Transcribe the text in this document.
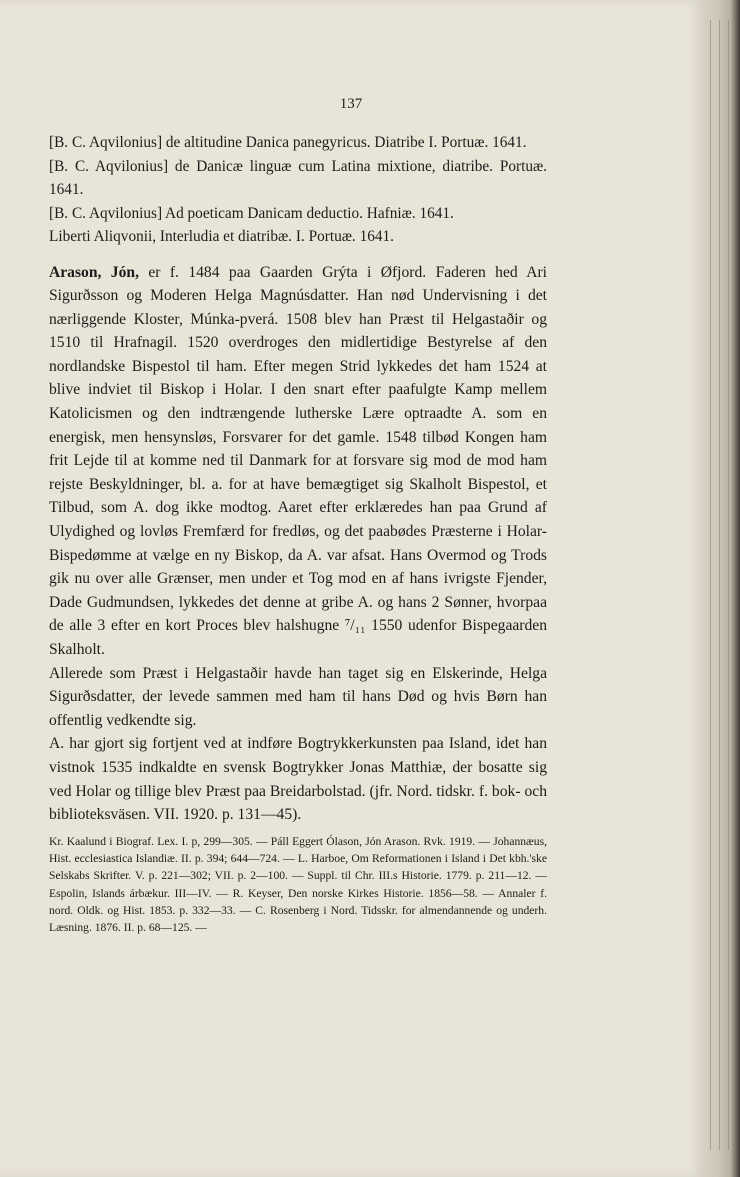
137

[B. C. Aqvilonius] de altitudine Danica panegyricus. Diatribe I. Portuæ. 1641.

[B. C. Aqvilonius] de Danicæ linguæ cum Latina mixtione, diatribe. Portuæ. 1641.

[B. C. Aqvilonius] Ad poeticam Danicam deductio. Hafniæ. 1641.

Liberti Aliqvonii, Interludia et diatribæ. I. Portuæ. 1641.

Arason, Jón, er f. 1484 paa Gaarden Grýta i Øfjord. Faderen hed Ari Sigurðsson og Moderen Helga Magnúsdatter. Han nød Undervisning i det nærliggende Kloster, Múnka-pverá. 1508 blev han Præst til Helgastaðir og 1510 til Hrafnagil. 1520 overdroges den midlertidige Bestyrelse af den nordlandske Bispestol til ham. Efter megen Strid lykkedes det ham 1524 at blive indviet til Biskop i Holar. I den snart efter paafulgte Kamp mellem Katolicismen og den indtrængende lutherske Lære optraadte A. som en energisk, men hensynsløs, Forsvarer for det gamle. 1548 tilbød Kongen ham frit Lejde til at komme ned til Danmark for at forsvare sig mod de mod ham rejste Beskyldninger, bl. a. for at have bemægtiget sig Skalholt Bispestol, et Tilbud, som A. dog ikke modtog. Aaret efter erklæredes han paa Grund af Ulydighed og lovløs Fremfærd for fredløs, og det paabødes Præsterne i Holar-Bispedømme at vælge en ny Biskop, da A. var afsat. Hans Overmod og Trods gik nu over alle Grænser, men under et Tog mod en af hans ivrigste Fjender, Dade Gudmundsen, lykkedes det denne at gribe A. og hans 2 Sønner, hvorpaa de alle 3 efter en kort Proces blev halshugne ⁷/₁₁ 1550 udenfor Bispegaarden Skalholt.

Allerede som Præst i Helgastaðir havde han taget sig en Elskerinde, Helga Sigurðsdatter, der levede sammen med ham til hans Død og hvis Børn han offentlig vedkendte sig.

A. har gjort sig fortjent ved at indføre Bogtrykkerkunsten paa Island, idet han vistnok 1535 indkaldte en svensk Bogtrykker Jonas Matthiæ, der bosatte sig ved Holar og tillige blev Præst paa Breidarbolstad. (jfr. Nord. tidskr. f. bok- och biblioteksväsen. VII. 1920. p. 131—45).

Kr. Kaalund i Biograf. Lex. I. p, 299—305. — Páll Eggert Ólason, Jón Arason. Rvk. 1919. — Johannæus, Hist. ecclesiastica Islandiæ. II. p. 394; 644—724. — L. Harboe, Om Reformationen i Island i Det kbh.'ske Selskabs Skrifter. V. p. 221—302; VII. p. 2—100. — Suppl. til Chr. III.s Historie. 1779. p. 211—12. — Espolin, Islands árbækur. III—IV. — R. Keyser, Den norske Kirkes Historie. 1856—58. — Annaler f. nord. Oldk. og Hist. 1853. p. 332—33. — C. Rosenberg i Nord. Tidsskr. for almendannende og underh. Læsning. 1876. II. p. 68—125. —
